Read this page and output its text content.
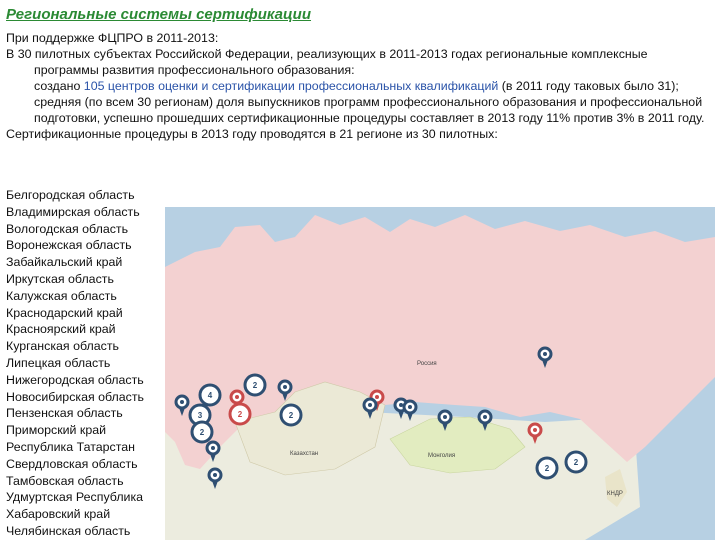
Региональные системы сертификации

При поддержке ФЦПРО в 2011-2013:

В 30 пилотных субъектах Российской Федерации, реализующих в 2011-2013 годах региональные комплексные программы развития профессионального образования:

создано 105 центров оценки и сертификации профессиональных квалификаций (в 2011 году таковых было 31);

средняя (по всем 30 регионам) доля выпускников программ профессионального образования и профессиональной подготовки, успешно прошедших сертификационные процедуры составляет в 2013 году 11% против 3% в 2011 году.

Сертификационные процедуры в 2013 году проводятся в 21 регионе из 30 пилотных:

Белгородская область
Владимирская область
Вологодская область
Воронежская область
Забайкальский край
Иркутская область
Калужская область
Краснодарский край
Красноярский край
Курганская область
Липецкая область
Нижегородская область
Новосибирская область
Пензенская область
Приморский край
Республика Татарстан
Свердловская область
Тамбовская область
Удмуртская Республика
Хабаровский край
Челябинская область
Россия
Казахстан	Монголия
КНДР
4
2
3	2	2
2
2
2
